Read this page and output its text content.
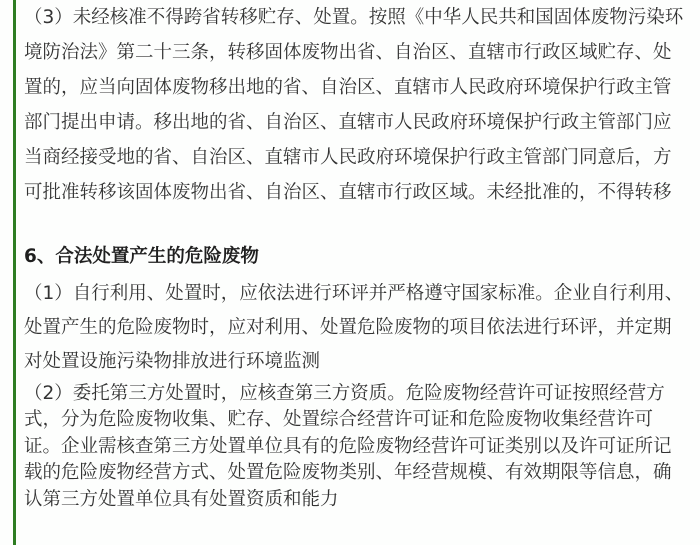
（3）未经核准不得跨省转移贮存、处置。按照《中华人民共和国固体废物污染环
境防治法》第二十三条，转移固体废物出省、自治区、直辖市行政区域贮存、处
置的，应当向固体废物移出地的省、自治区、直辖市人民政府环境保护行政主管
部门提出申请。移出地的省、自治区、直辖市人民政府环境保护行政主管部门应
当商经接受地的省、自治区、直辖市人民政府环境保护行政主管部门同意后，方
可批准转移该固体废物出省、自治区、直辖市行政区域。未经批准的，不得转移
6、合法处置产生的危险废物
（1）自行利用、处置时，应依法进行环评并严格遵守国家标准。企业自行利用、
处置产生的危险废物时，应对利用、处置危险废物的项目依法进行环评，并定期
对处置设施污染物排放进行环境监测
（2）委托第三方处置时，应核查第三方资质。危险废物经营许可证按照经营方
式，分为危险废物收集、贮存、处置综合经营许可证和危险废物收集经营许可
证。企业需核查第三方处置单位具有的危险废物经营许可证类别以及许可证所记
载的危险废物经营方式、处置危险废物类别、年经营规模、有效期限等信息，确
认第三方处置单位具有处置资质和能力
